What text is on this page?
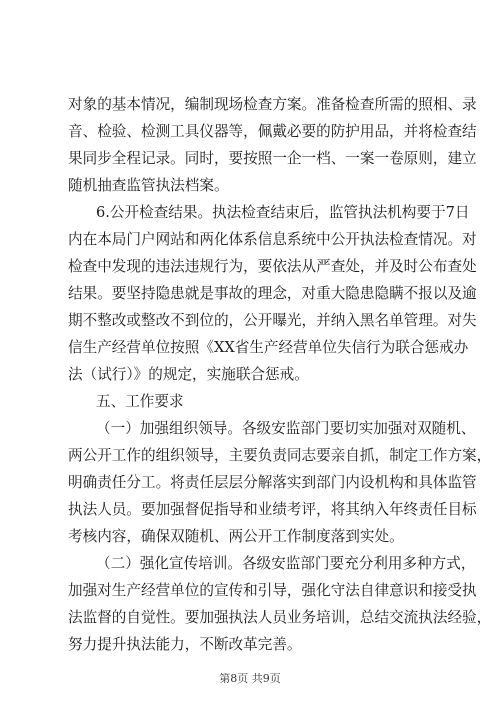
对象的基本情况，编制现场检查方案。准备检查所需的照相、录
音、检验、检测工具仪器等，佩戴必要的防护用品，并将检查结
果同步全程记录。同时，要按照一企一档、一案一卷原则，建立
随机抽查监管执法档案。
6.公开检查结果。执法检查结束后，监管执法机构要于7日
内在本局门户网站和两化体系信息系统中公开执法检查情况。对
检查中发现的违法违规行为，要依法从严查处，并及时公布查处
结果。要坚持隐患就是事故的理念，对重大隐患隐瞒不报以及逾
期不整改或整改不到位的，公开曝光，并纳入黑名单管理。对失
信生产经营单位按照《XX省生产经营单位失信行为联合惩戒办
法（试行）》的规定，实施联合惩戒。
五、工作要求
（一）加强组织领导。各级安监部门要切实加强对双随机、
两公开工作的组织领导，主要负责同志要亲自抓，制定工作方案，
明确责任分工。将责任层层分解落实到部门内设机构和具体监管
执法人员。要加强督促指导和业绩考评，将其纳入年终责任目标
考核内容，确保双随机、两公开工作制度落到实处。
（二）强化宣传培训。各级安监部门要充分利用多种方式，
加强对生产经营单位的宣传和引导，强化守法自律意识和接受执
法监督的自觉性。要加强执法人员业务培训，总结交流执法经验，
努力提升执法能力，不断改革完善。
第8页 共9页
